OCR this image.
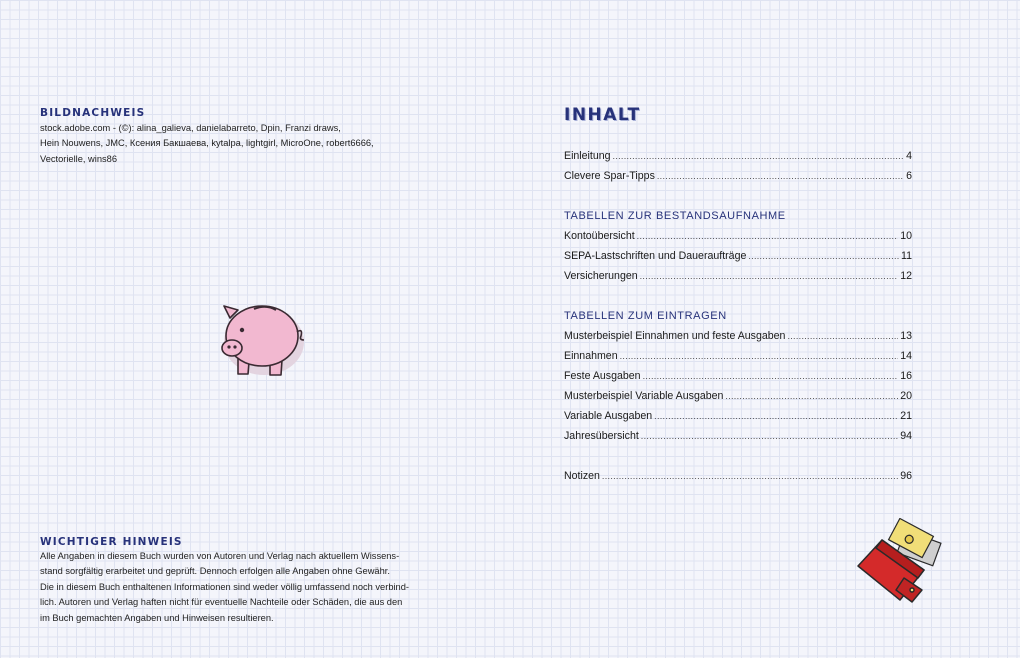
BILDNACHWEIS
stock.adobe.com - (©): alina_galieva, danielabarreto, Dpin, Franzi draws,
Hein Nouwens, JMC, Ксения Бакшаева, kytalpa, lightgirl, MicroOne, robert6666,
Vectorielle, wins86
WICHTIGER HINWEIS
Alle Angaben in diesem Buch wurden von Autoren und Verlag nach aktuellem Wissens-
stand sorgfältig erarbeitet und geprüft. Dennoch erfolgen alle Angaben ohne Gewähr.
Die in diesem Buch enthaltenen Informationen sind weder völlig umfassend noch verbind-
lich. Autoren und Verlag haften nicht für eventuelle Nachteile oder Schäden, die aus den
im Buch gemachten Angaben und Hinweisen resultieren.
INHALT
Einleitung .....	4
Clevere Spar-Tipps .....	6
TABELLEN ZUR BESTANDSAUFNAHME
Kontoübersicht .....	10
SEPA-Lastschriften und Daueraufträge .....	11
Versicherungen .....	12
TABELLEN ZUM EINTRAGEN
Musterbeispiel Einnahmen und feste Ausgaben .....	13
Einnahmen .....	14
Feste Ausgaben .....	16
Musterbeispiel Variable Ausgaben .....	20
Variable Ausgaben .....	21
Jahresübersicht .....	94
Notizen .....	96
